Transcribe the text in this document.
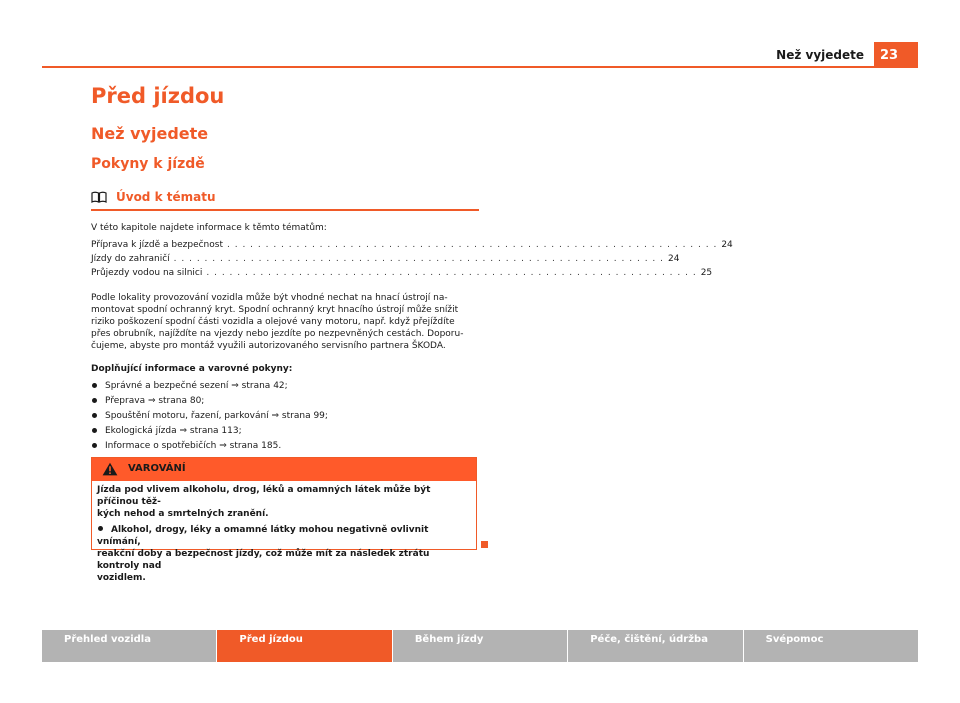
Než vyjedete	23
Před jízdou
Než vyjedete
Pokyny k jízdě
Úvod k tématu

V této kapitole najdete informace k těmto tématům:

Příprava k jízdě a bezpečnost . . . . . . . . . . . . . . . . . . . . . . . . . . . . . . . . . . . . . . . . . . . . . . . . . . . . . . . . . . . . . . . . 24
Jízdy do zahraničí . . . . . . . . . . . . . . . . . . . . . . . . . . . . . . . . . . . . . . . . . . . . . . . . . . . . . . . . . . . . . . . . 24
Průjezdy vodou na silnici . . . . . . . . . . . . . . . . . . . . . . . . . . . . . . . . . . . . . . . . . . . . . . . . . . . . . . . . . . . . . . . . 25
Podle lokality provozování vozidla může být vhodné nechat na hnací ústrojí na-
montovat spodní ochranný kryt. Spodní ochranný kryt hnacího ústrojí může snížit
riziko poškození spodní části vozidla a olejové vany motoru, např. když přejíždíte
přes obrubník, najíždíte na vjezdy nebo jezdíte po nezpevněných cestách. Doporu-
čujeme, abyste pro montáž využili autorizovaného servisního partnera ŠKODA.

Doplňující informace a varovné pokyny:

Správné a bezpečné sezení ⇒ strana 42;
Přeprava ⇒ strana 80;
Spouštění motoru, řazení, parkování ⇒ strana 99;
Ekologická jízda ⇒ strana 113;
Informace o spotřebičích ⇒ strana 185.
VAROVÁNÍ

Jízda pod vlivem alkoholu, drog, léků a omamných látek může být příčinou těž-
kých nehod a smrtelných zranění.

Alkohol, drogy, léky a omamné látky mohou negativně ovlivnit vnímání,
reakční doby a bezpečnost jízdy, což může mít za následek ztrátu kontroly nad
vozidlem.

Přehled vozidla	Před jízdou	Během jízdy	Péče, čištění, údržba	Svépomoc
